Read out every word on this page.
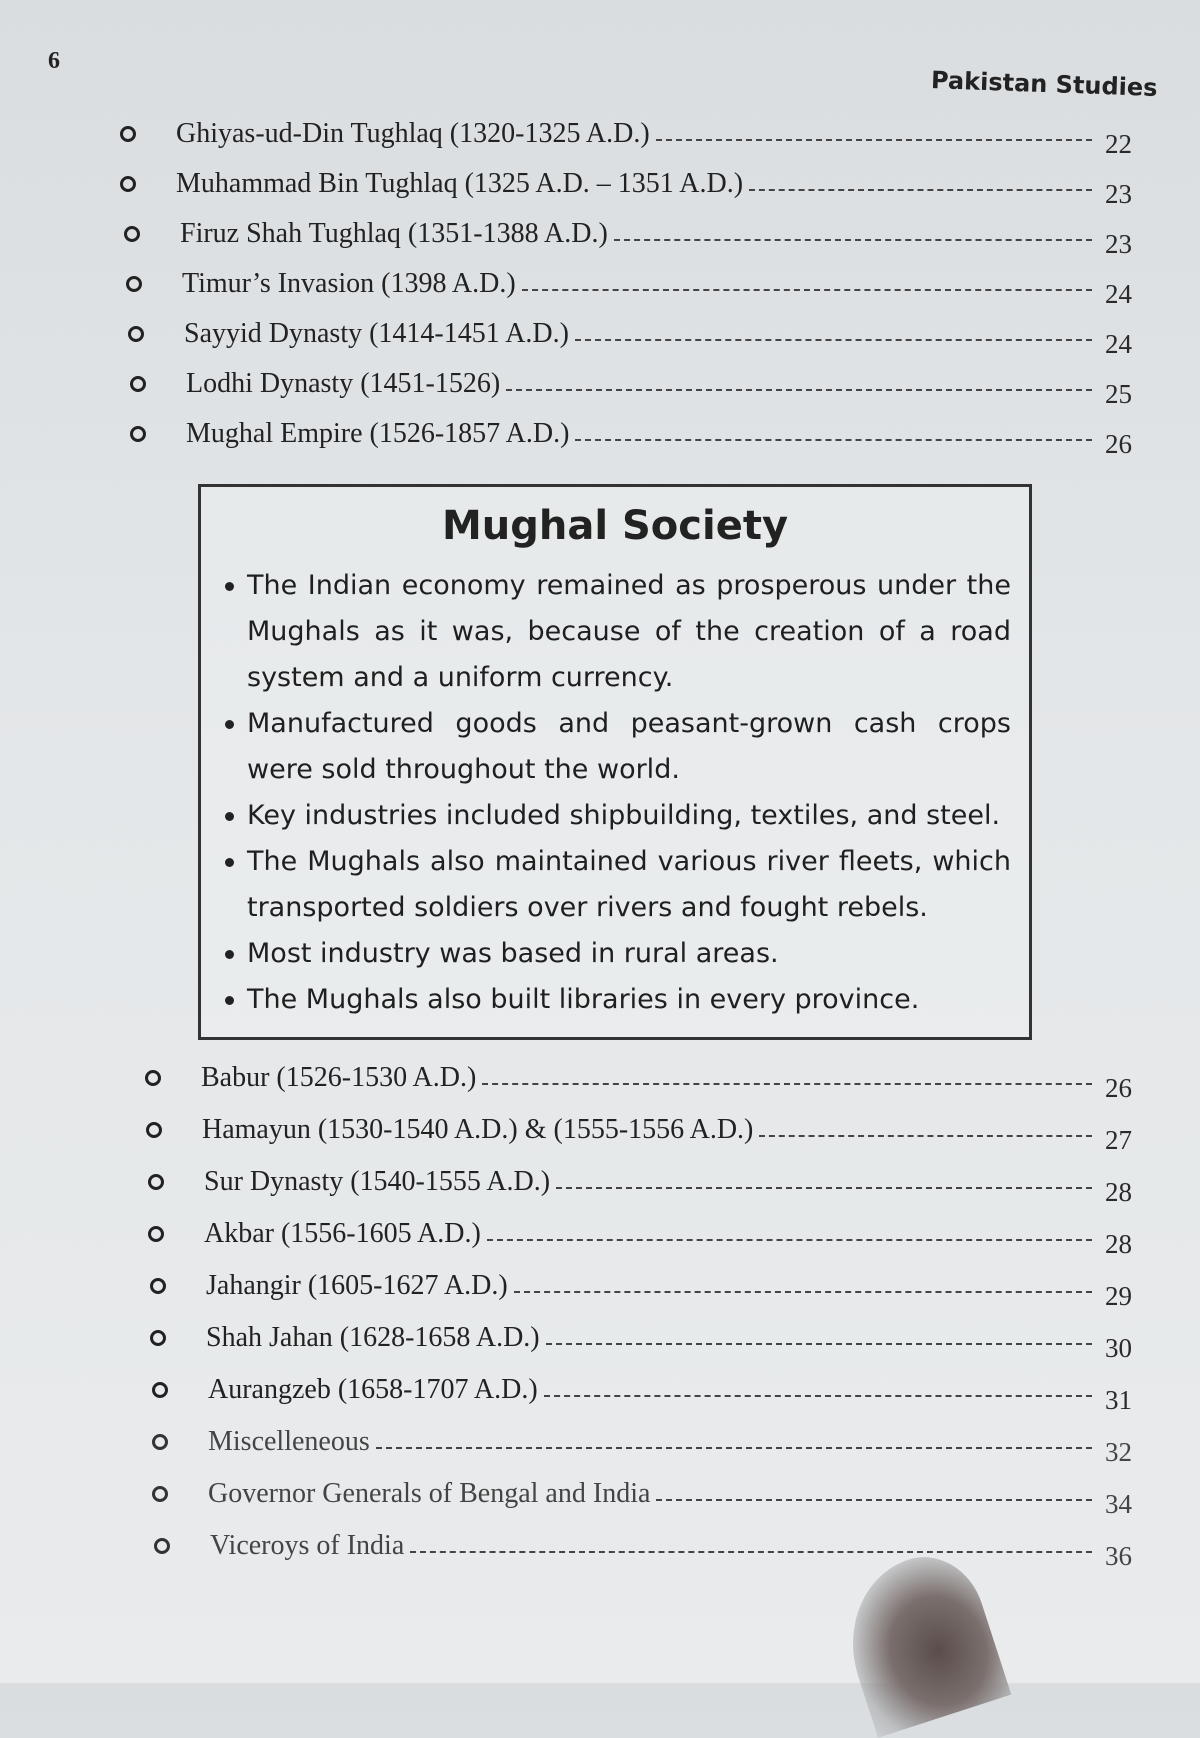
6
Pakistan Studies
Ghiyas-ud-Din Tughlaq (1320-1325 A.D.)	22
Muhammad Bin Tughlaq (1325 A.D. – 1351 A.D.)	23
Firuz Shah Tughlaq (1351-1388 A.D.)	23
Timur’s Invasion (1398 A.D.)	24
Sayyid Dynasty (1414-1451 A.D.)	24
Lodhi Dynasty (1451-1526)	25
Mughal Empire (1526-1857 A.D.)	26
Mughal Society
The Indian economy remained as prosperous under the Mughals as it was, because of the creation of a road system and a uniform currency.
Manufactured goods and peasant-grown cash crops were sold throughout the world.
Key industries included shipbuilding, textiles, and steel.
The Mughals also maintained various river fleets, which transported soldiers over rivers and fought rebels.
Most industry was based in rural areas.
The Mughals also built libraries in every province.
Babur (1526-1530 A.D.)	26
Hamayun (1530-1540 A.D.) & (1555-1556 A.D.)	27
Sur Dynasty (1540-1555 A.D.)	28
Akbar (1556-1605 A.D.)	28
Jahangir (1605-1627 A.D.)	29
Shah Jahan (1628-1658 A.D.)	30
Aurangzeb (1658-1707 A.D.)	31
Miscelleneous	32
Governor Generals of Bengal and India	34
Viceroys of India	36
